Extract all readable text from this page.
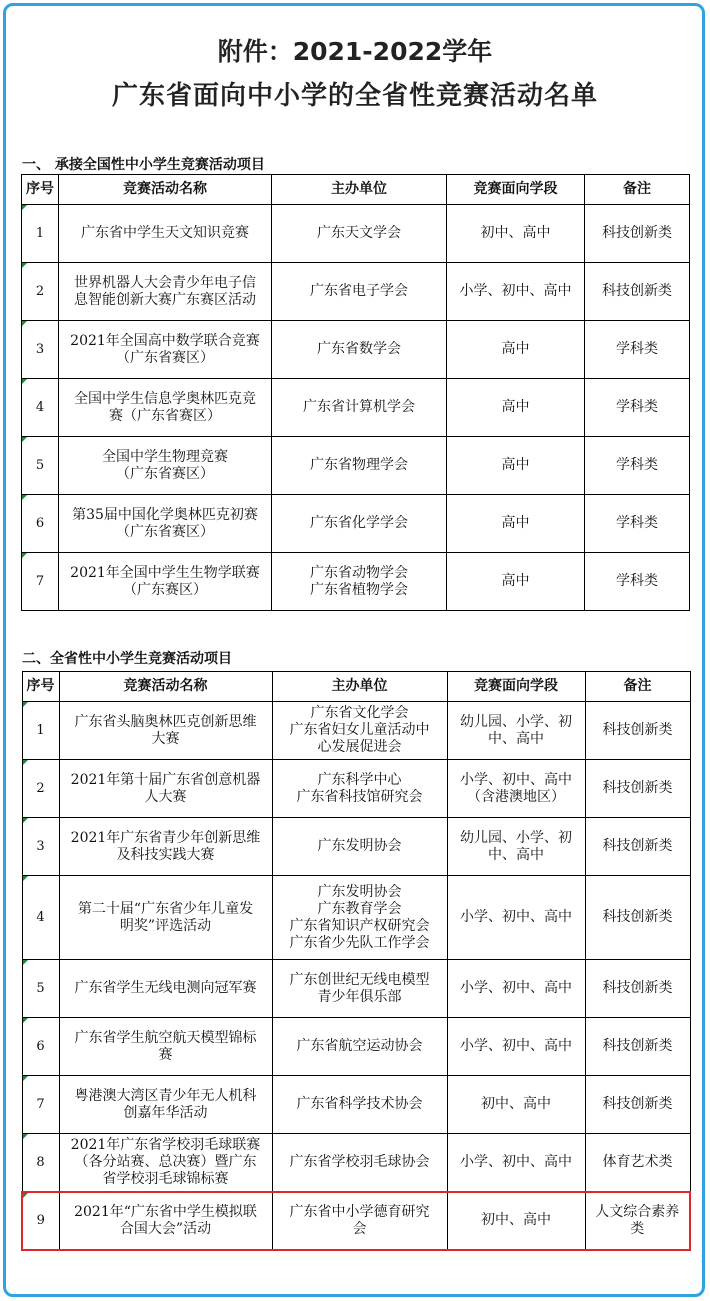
附件：2021-2022学年
广东省面向中小学的全省性竞赛活动名单
一、 承接全国性中小学生竞赛活动项目
序号	竞赛活动名称	主办单位	竞赛面向学段	备注

1	广东省中学生天文知识竞赛	广东天文学会	初中、高中	科技创新类

2	世界机器人大会青少年电子信
息智能创新大赛广东赛区活动	广东省电子学会	小学、初中、高中	科技创新类

3	2021年全国高中数学联合竞赛
（广东省赛区）	广东省数学会	高中	学科类

4	全国中学生信息学奥林匹克竞
赛（广东省赛区）	广东省计算机学会	高中	学科类

5	全国中学生物理竞赛
（广东省赛区）	广东省物理学会	高中	学科类

6	第35届中国化学奥林匹克初赛
（广东省赛区）	广东省化学学会	高中	学科类

7	2021年全国中学生生物学联赛
（广东赛区）	广东省动物学会
广东省植物学会	高中	学科类
二、全省性中小学生竞赛活动项目
序号	竞赛活动名称	主办单位	竞赛面向学段	备注

1	广东省头脑奥林匹克创新思维
大赛	广东省文化学会
广东省妇女儿童活动中
心发展促进会	幼儿园、小学、初
中、高中	科技创新类

2	2021年第十届广东省创意机器
人大赛	广东科学中心
广东省科技馆研究会	小学、初中、高中
（含港澳地区）	科技创新类

3	2021年广东省青少年创新思维
及科技实践大赛	广东发明协会	幼儿园、小学、初
中、高中	科技创新类

4	第二十届“广东省少年儿童发
明奖”评选活动	广东发明协会
广东教育学会
广东省知识产权研究会
广东省少先队工作学会	小学、初中、高中	科技创新类

5	广东省学生无线电测向冠军赛	广东创世纪无线电模型
青少年俱乐部	小学、初中、高中	科技创新类

6	广东省学生航空航天模型锦标
赛	广东省航空运动协会	小学、初中、高中	科技创新类

7	粤港澳大湾区青少年无人机科
创嘉年华活动	广东省科学技术协会	初中、高中	科技创新类

8	2021年广东省学校羽毛球联赛
（各分站赛、总决赛）暨广东
省学校羽毛球锦标赛	广东省学校羽毛球协会	小学、初中、高中	体育艺术类

9	2021年“广东省中学生模拟联
合国大会”活动	广东省中小学德育研究
会	初中、高中	人文综合素养
类
